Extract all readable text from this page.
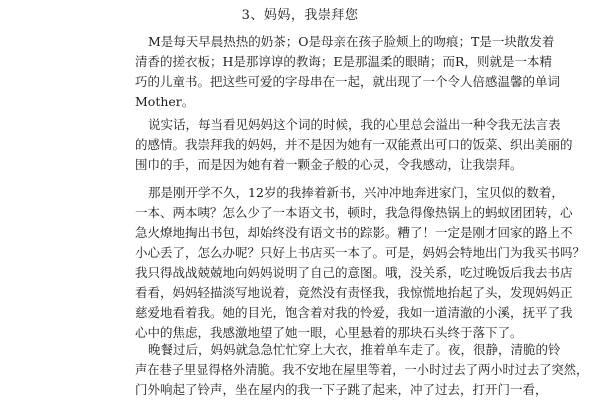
3、妈妈，我崇拜您
M是每天早晨热热的奶茶；O是母亲在孩子脸颊上的吻痕；T是一块散发着
清香的搓衣板；H是那谆谆的教诲；E是那温柔的眼睛；而R，则就是一本精
巧的儿童书。把这些可爱的字母串在一起，就出现了一个令人倍感温馨的单词
Mother。
说实话，每当看见妈妈这个词的时候，我的心里总会溢出一种令我无法言表
的感情。我崇拜我的妈妈，并不是因为她有一双能煮出可口的饭菜、织出美丽的
围巾的手，而是因为她有着一颗金子般的心灵，令我感动，让我崇拜。
那是刚开学不久，12岁的我捧着新书，兴冲冲地奔进家门，宝贝似的数着，
一本、两本咦？怎么少了一本语文书，顿时，我急得像热锅上的蚂蚁团团转，心
急火燎地掏出书包，却始终没有语文书的踪影。糟了！一定是刚才回家的路上不
小心丢了，怎么办呢？只好上书店买一本了。可是，妈妈会特地出门为我买书吗？
我只得战战兢兢地向妈妈说明了自己的意图。哦，没关系，吃过晚饭后我去书店
看看，妈妈轻描淡写地说着，竟然没有责怪我，我惊慌地抬起了头，发现妈妈正
慈爱地看着我。她的目光，饱含着对我的怜爱，我如一道清澈的小溪，抚平了我
心中的焦虑，我感激地望了她一眼，心里悬着的那块石头终于落下了。
晚餐过后，妈妈就急急忙忙穿上大衣，推着单车走了。夜，很静，清脆的铃
声在巷子里显得格外清脆。我不安地在屋里等着，一小时过去了两小时过去了突然，
门外响起了铃声，坐在屋内的我一下子跳了起来，冲了过去，打开门一看，
